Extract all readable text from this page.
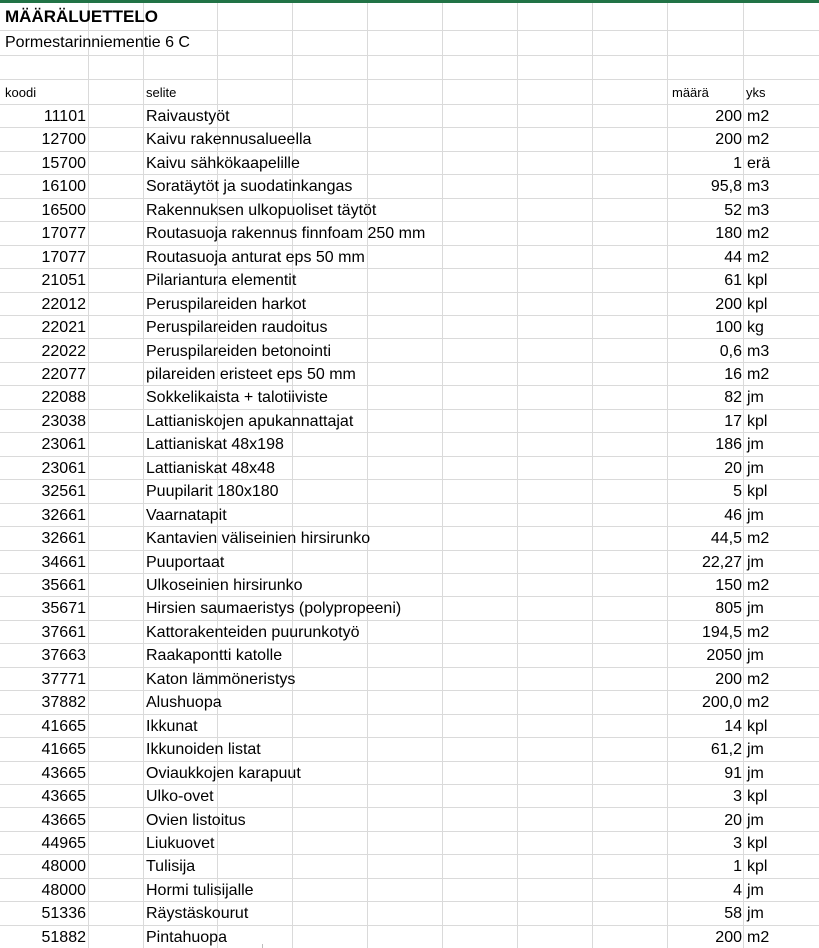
MÄÄRÄLUETTELO
Pormestarinniementie 6 C
koodi	selite	määrä	yks
11101	Raivaustyöt	200 m2
12700	Kaivu rakennusalueella	200 m2
15700	Kaivu sähkökaapelille	1 erä
16100	Soratäytöt ja suodatinkangas	95,8 m3
16500	Rakennuksen ulkopuoliset täytöt	52 m3
17077	Routasuoja rakennus finnfoam 250 mm	180 m2
17077	Routasuoja anturat eps 50 mm	44 m2
21051	Pilariantura elementit	61 kpl
22012	Peruspilareiden harkot	200 kpl
22021	Peruspilareiden raudoitus	100 kg
22022	Peruspilareiden betonointi	0,6 m3
22077	pilareiden eristeet eps 50 mm	16 m2
22088	Sokkelikaista + talotiiviste	82 jm
23038	Lattianiskojen apukannattajat	17 kpl
23061	Lattianiskat 48x198	186 jm
23061	Lattianiskat 48x48	20 jm
32561	Puupilarit 180x180	5 kpl
32661	Vaarnatapit	46 jm
32661	Kantavien väliseinien hirsirunko	44,5 m2
34661	Puuportaat	22,27 jm
35661	Ulkoseinien hirsirunko	150 m2
35671	Hirsien saumaeristys (polypropeeni)	805 jm
37661	Kattorakenteiden puurunkotyö	194,5 m2
37663	Raakapontti katolle	2050 jm
37771	Katon lämmöneristys	200 m2
37882	Alushuopa	200,0 m2
41665	Ikkunat	14 kpl
41665	Ikkunoiden listat	61,2 jm
43665	Oviaukkojen karapuut	91 jm
43665	Ulko-ovet	3 kpl
43665	Ovien listoitus	20 jm
44965	Liukuovet	3 kpl
48000	Tulisija	1 kpl
48000	Hormi tulisijalle	4 jm
51336	Räystäskourut	58 jm
51882	Pintahuopa	200 m2
